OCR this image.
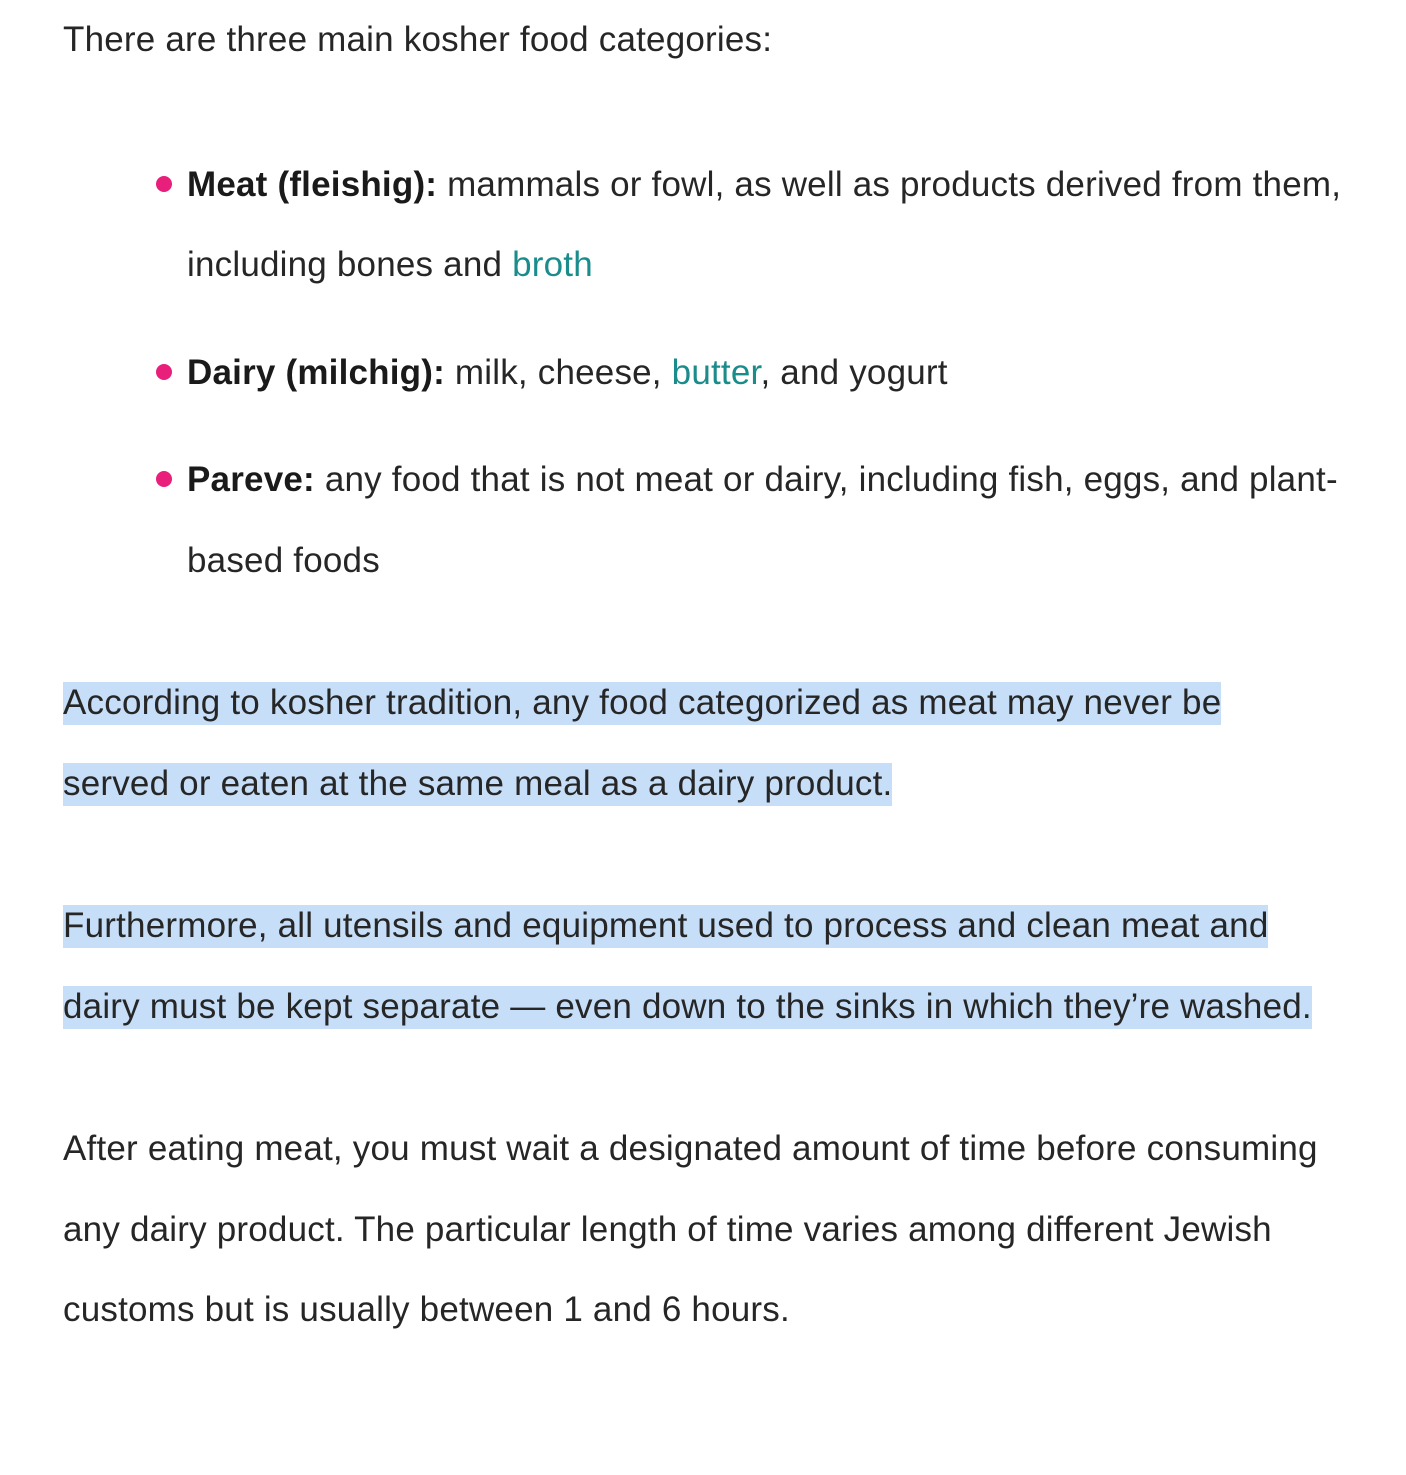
There are three main kosher food categories:

Meat (fleishig): mammals or fowl, as well as products derived from them, including bones and broth
Dairy (milchig): milk, cheese, butter, and yogurt
Pareve: any food that is not meat or dairy, including fish, eggs, and plant-based foods

According to kosher tradition, any food categorized as meat may never be served or eaten at the same meal as a dairy product.

Furthermore, all utensils and equipment used to process and clean meat and dairy must be kept separate — even down to the sinks in which they’re washed.

After eating meat, you must wait a designated amount of time before consuming any dairy product. The particular length of time varies among different Jewish customs but is usually between 1 and 6 hours.
